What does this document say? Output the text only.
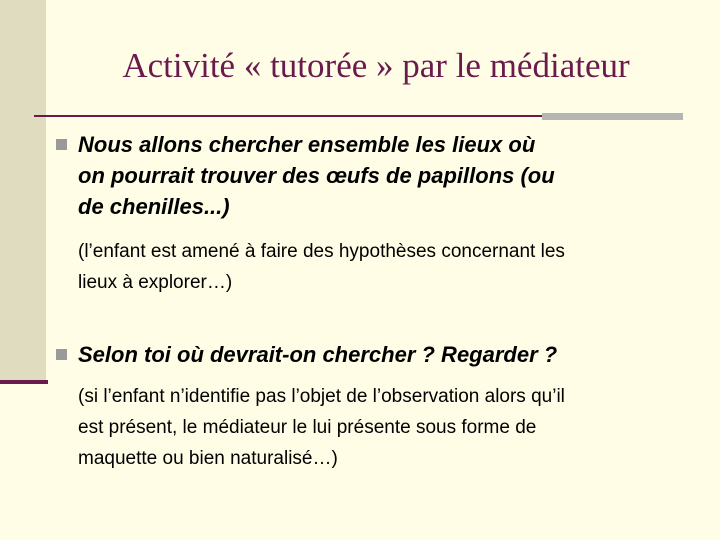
Activité « tutorée » par le médiateur

Nous allons chercher ensemble les lieux où
on pourrait trouver des œufs de papillons (ou
de chenilles...)

(l’enfant est amené à faire des hypothèses concernant les
lieux à explorer…)

Selon toi où devrait-on chercher ? Regarder ?

(si l’enfant n’identifie pas l’objet de l’observation alors qu’il
est présent, le médiateur le lui présente sous forme de
maquette ou bien naturalisé…)
